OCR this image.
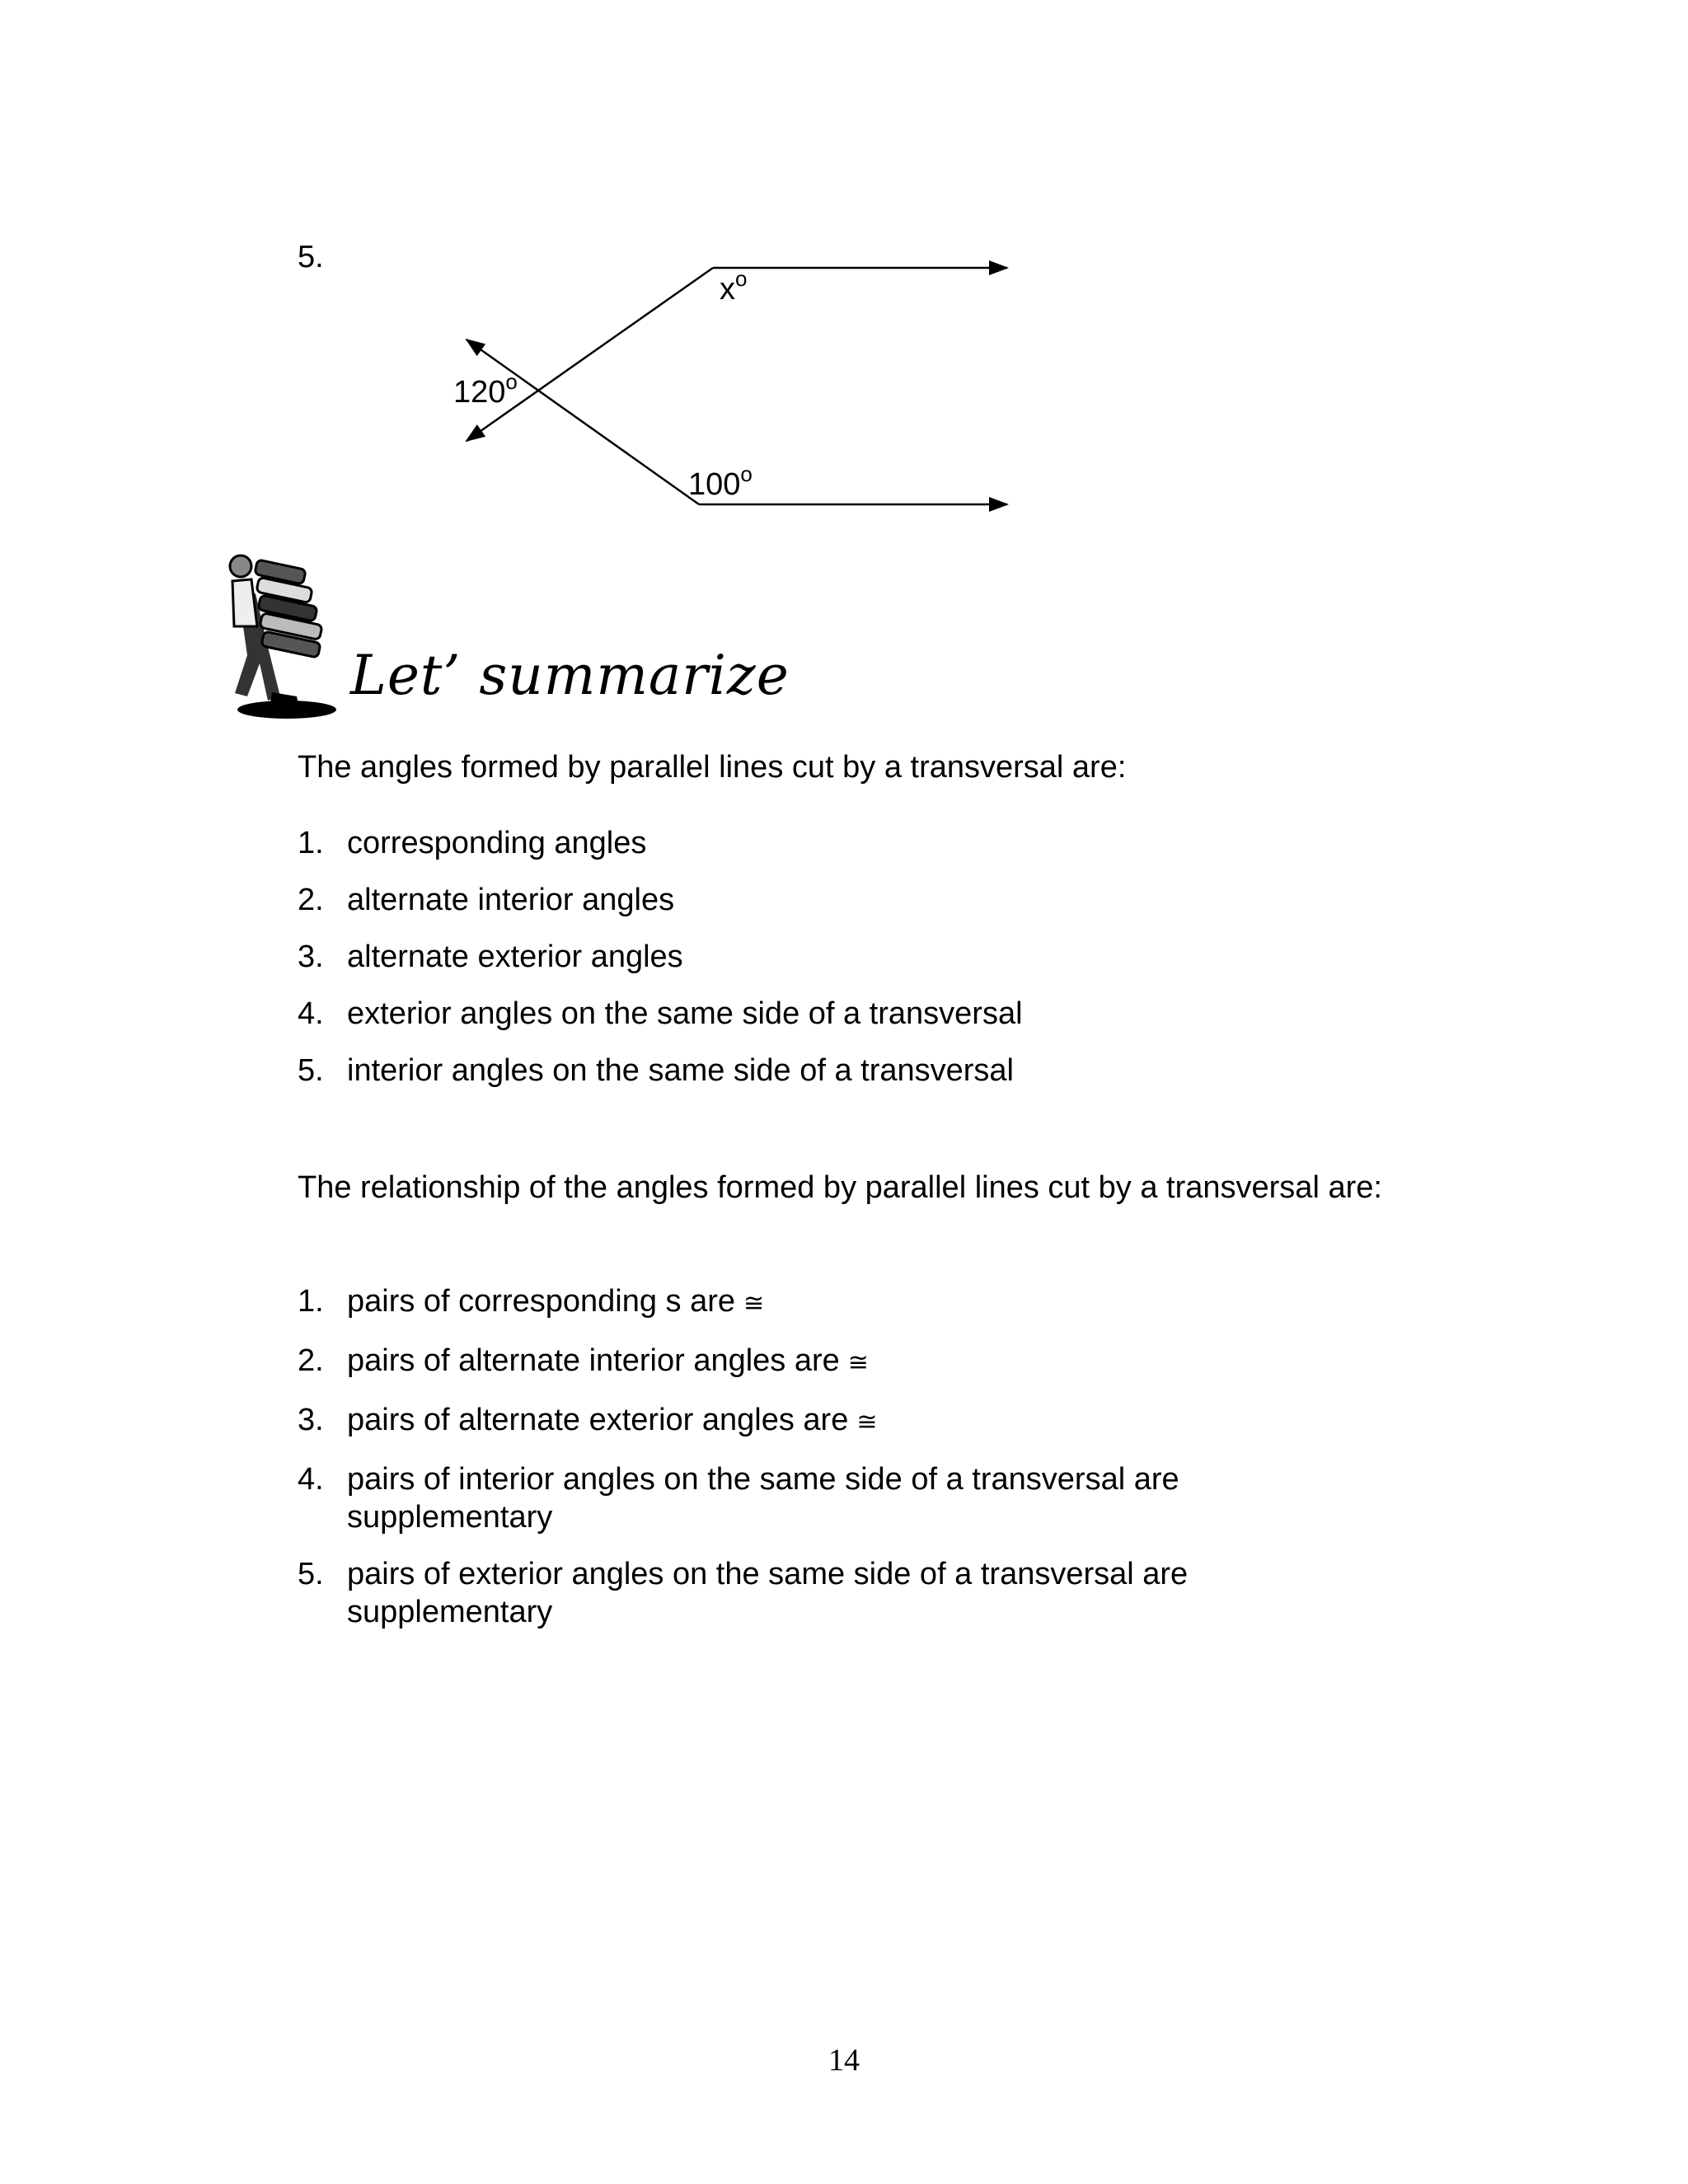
5.
$x^o$
120$^o$
100$^o$
Let’ summarize
The angles formed by parallel lines cut by a transversal are:
1. corresponding angles
2. alternate interior angles
3. alternate exterior angles
4. exterior angles on the same side of a transversal
5. interior angles on the same side of a transversal
The relationship of the angles formed by parallel lines cut by a transversal are:
1. pairs of corresponding s are ≅
2. pairs of alternate interior angles are ≅
3. pairs of alternate exterior angles are ≅
4. pairs of interior angles on the same side of a transversal are supplementary
5. pairs of exterior angles on the same side of a transversal are supplementary
14
